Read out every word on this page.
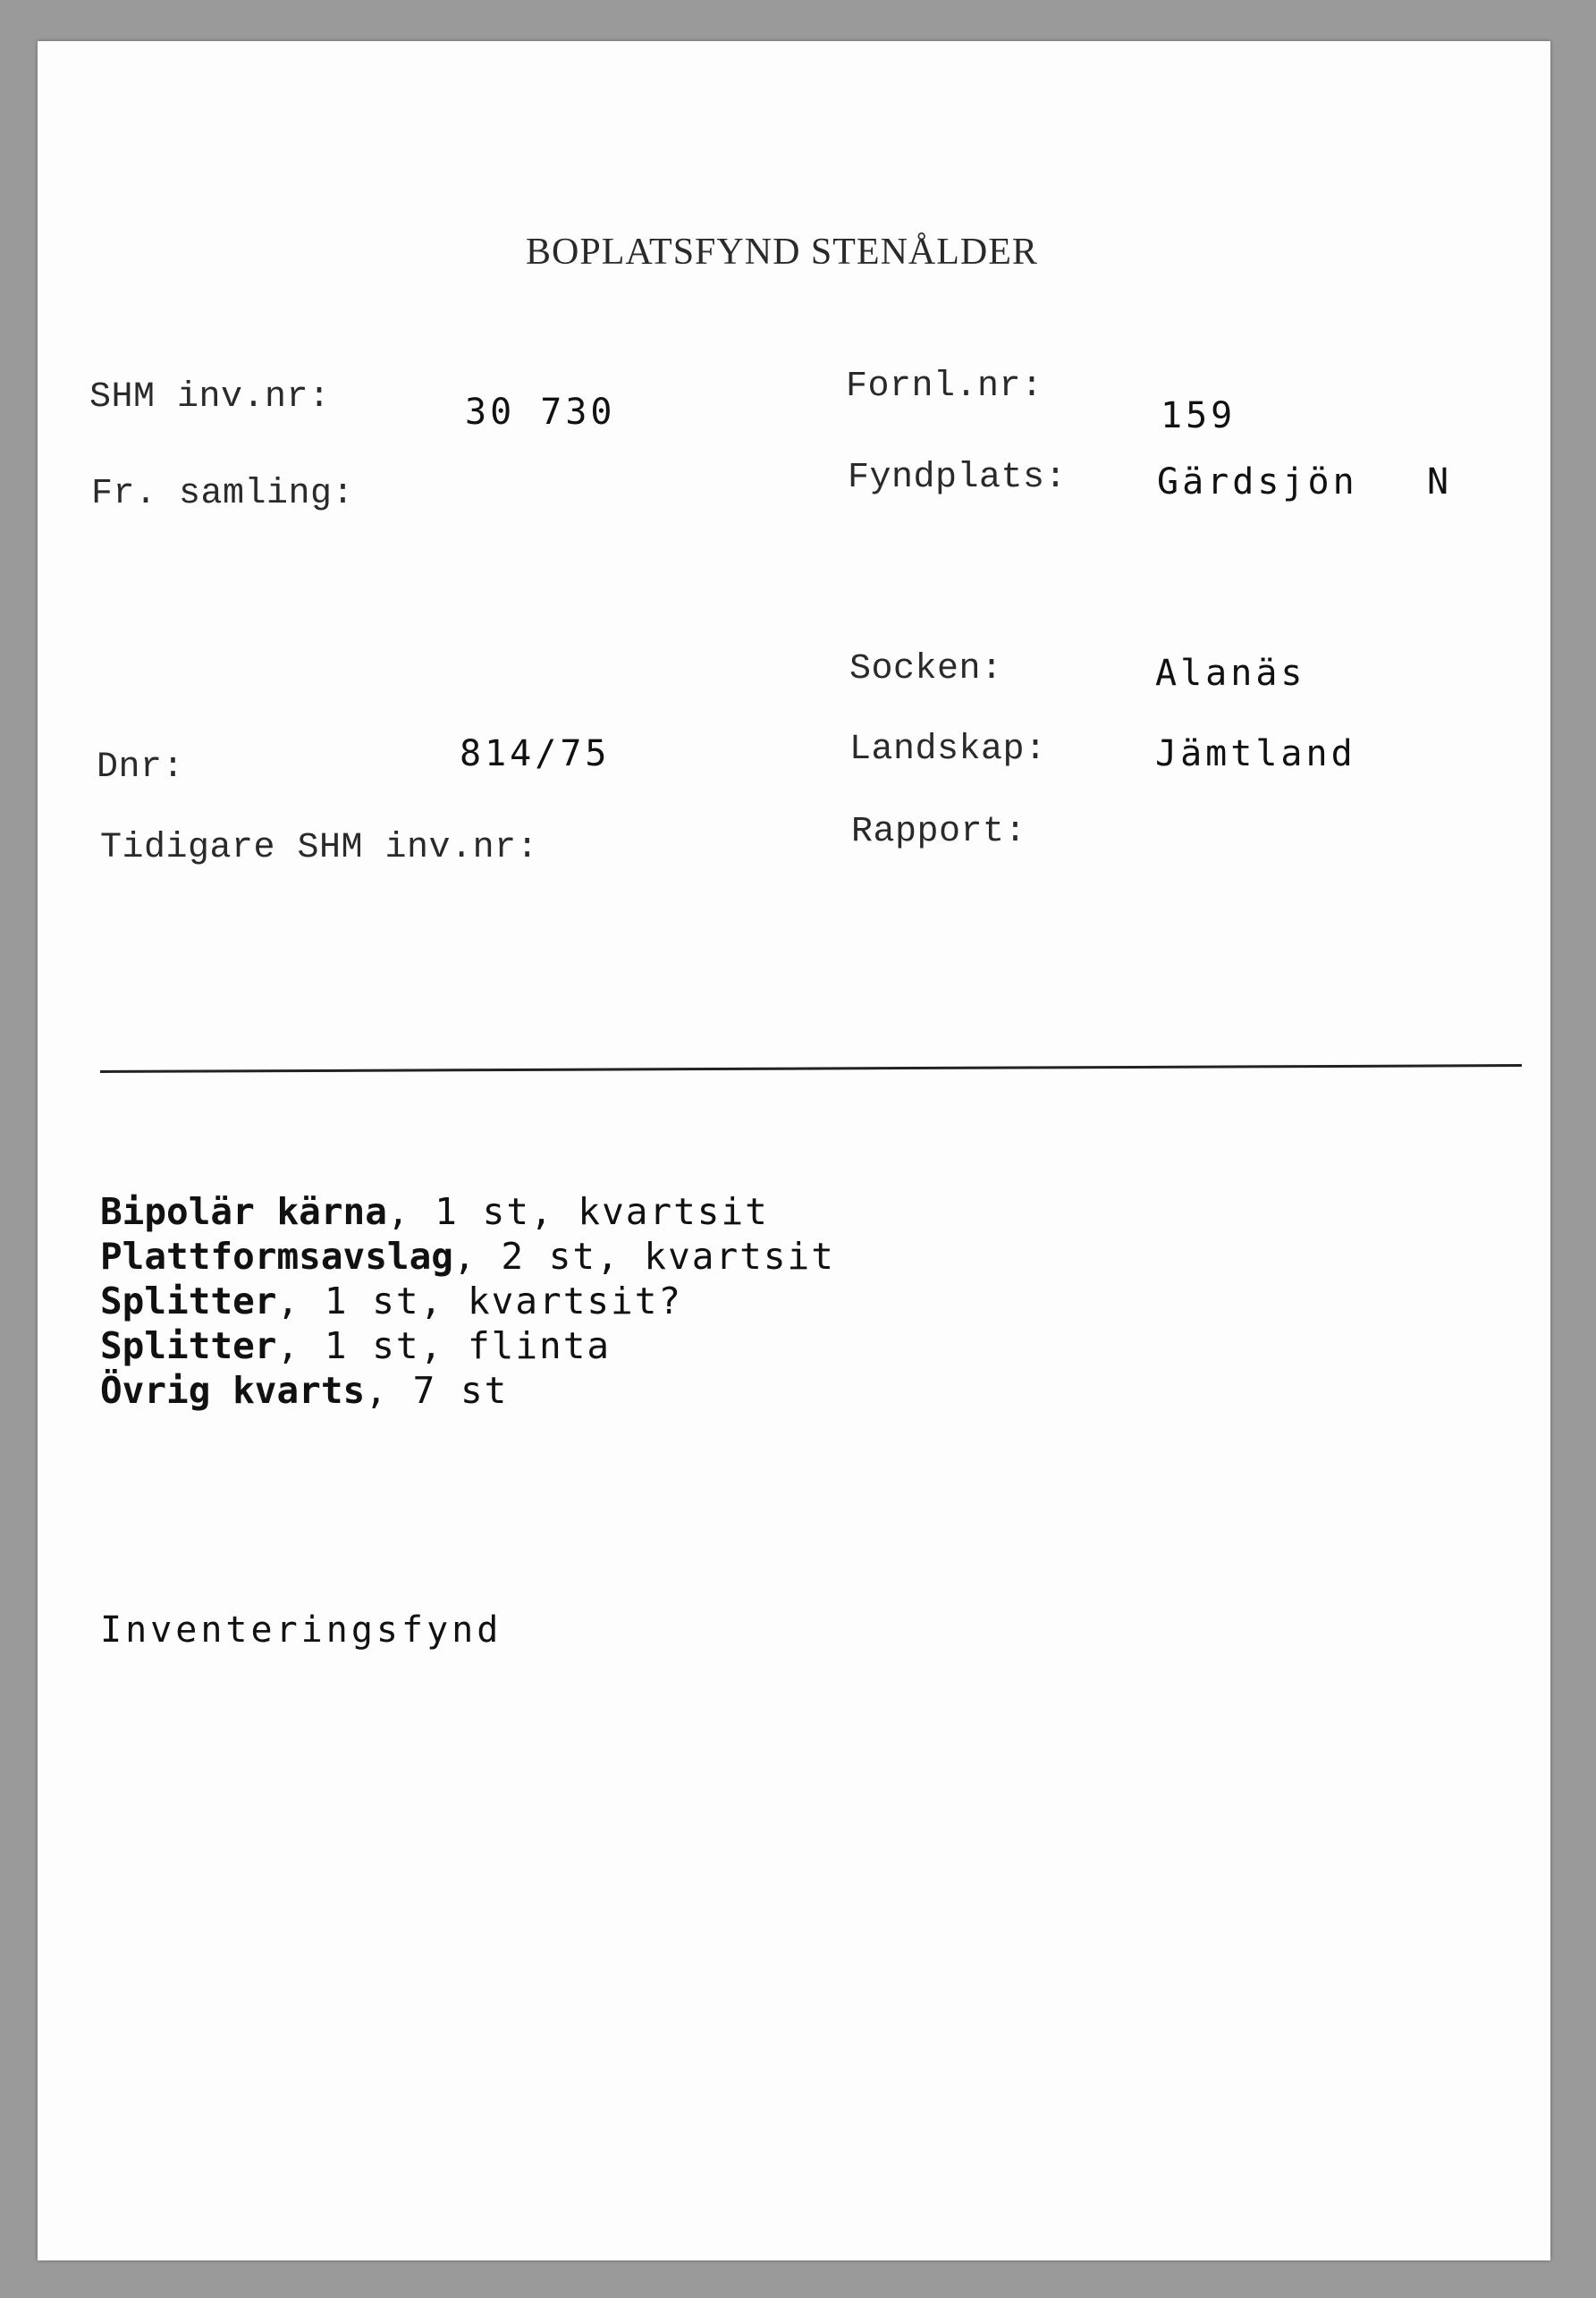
BOPLATSFYND STENÅLDER
SHM inv.nr:	30 730
Fornl.nr:
159
Fr. samling:	Fyndplats:	Gärdsjön N
Socken:	Alanäs
Dnr:	814/75	Landskap:	Jämtland
Tidigare SHM inv.nr:	Rapport:
Bipolär kärna, 1 st, kvartsit
Plattformsavslag, 2 st, kvartsit
Splitter, 1 st, kvartsit?
Splitter, 1 st, flinta
Övrig kvarts, 7 st
Inventeringsfynd
